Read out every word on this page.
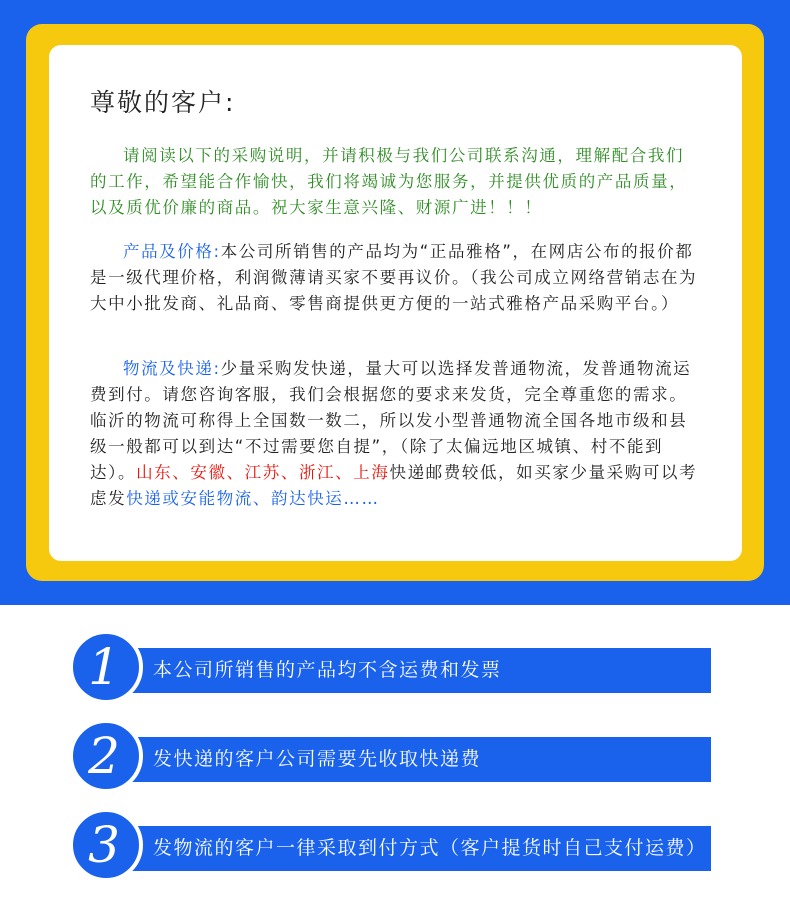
尊敬的客户:

请阅读以下的采购说明，并请积极与我们公司联系沟通，理解配合我们的工作，希望能合作愉快，我们将竭诚为您服务，并提供优质的产品质量，以及质优价廉的商品。祝大家生意兴隆、财源广进！！！

产品及价格:本公司所销售的产品均为“正品雅格”，在网店公布的报价都是一级代理价格，利润微薄请买家不要再议价。（我公司成立网络营销志在为大中小批发商、礼品商、零售商提供更方便的一站式雅格产品采购平台。）

物流及快递:少量采购发快递，量大可以选择发普通物流，发普通物流运费到付。请您咨询客服，我们会根据您的要求来发货，完全尊重您的需求。临沂的物流可称得上全国数一数二，所以发小型普通物流全国各地市级和县级一般都可以到达“不过需要您自提”，（除了太偏远地区城镇、村不能到达）。山东、安徽、江苏、浙江、上海快递邮费较低，如买家少量采购可以考虑发快递或安能物流、韵达快运……

本公司所销售的产品均不含运费和发票
1
发快递的客户公司需要先收取快递费
2
发物流的客户一律采取到付方式（客户提货时自己支付运费）
3
